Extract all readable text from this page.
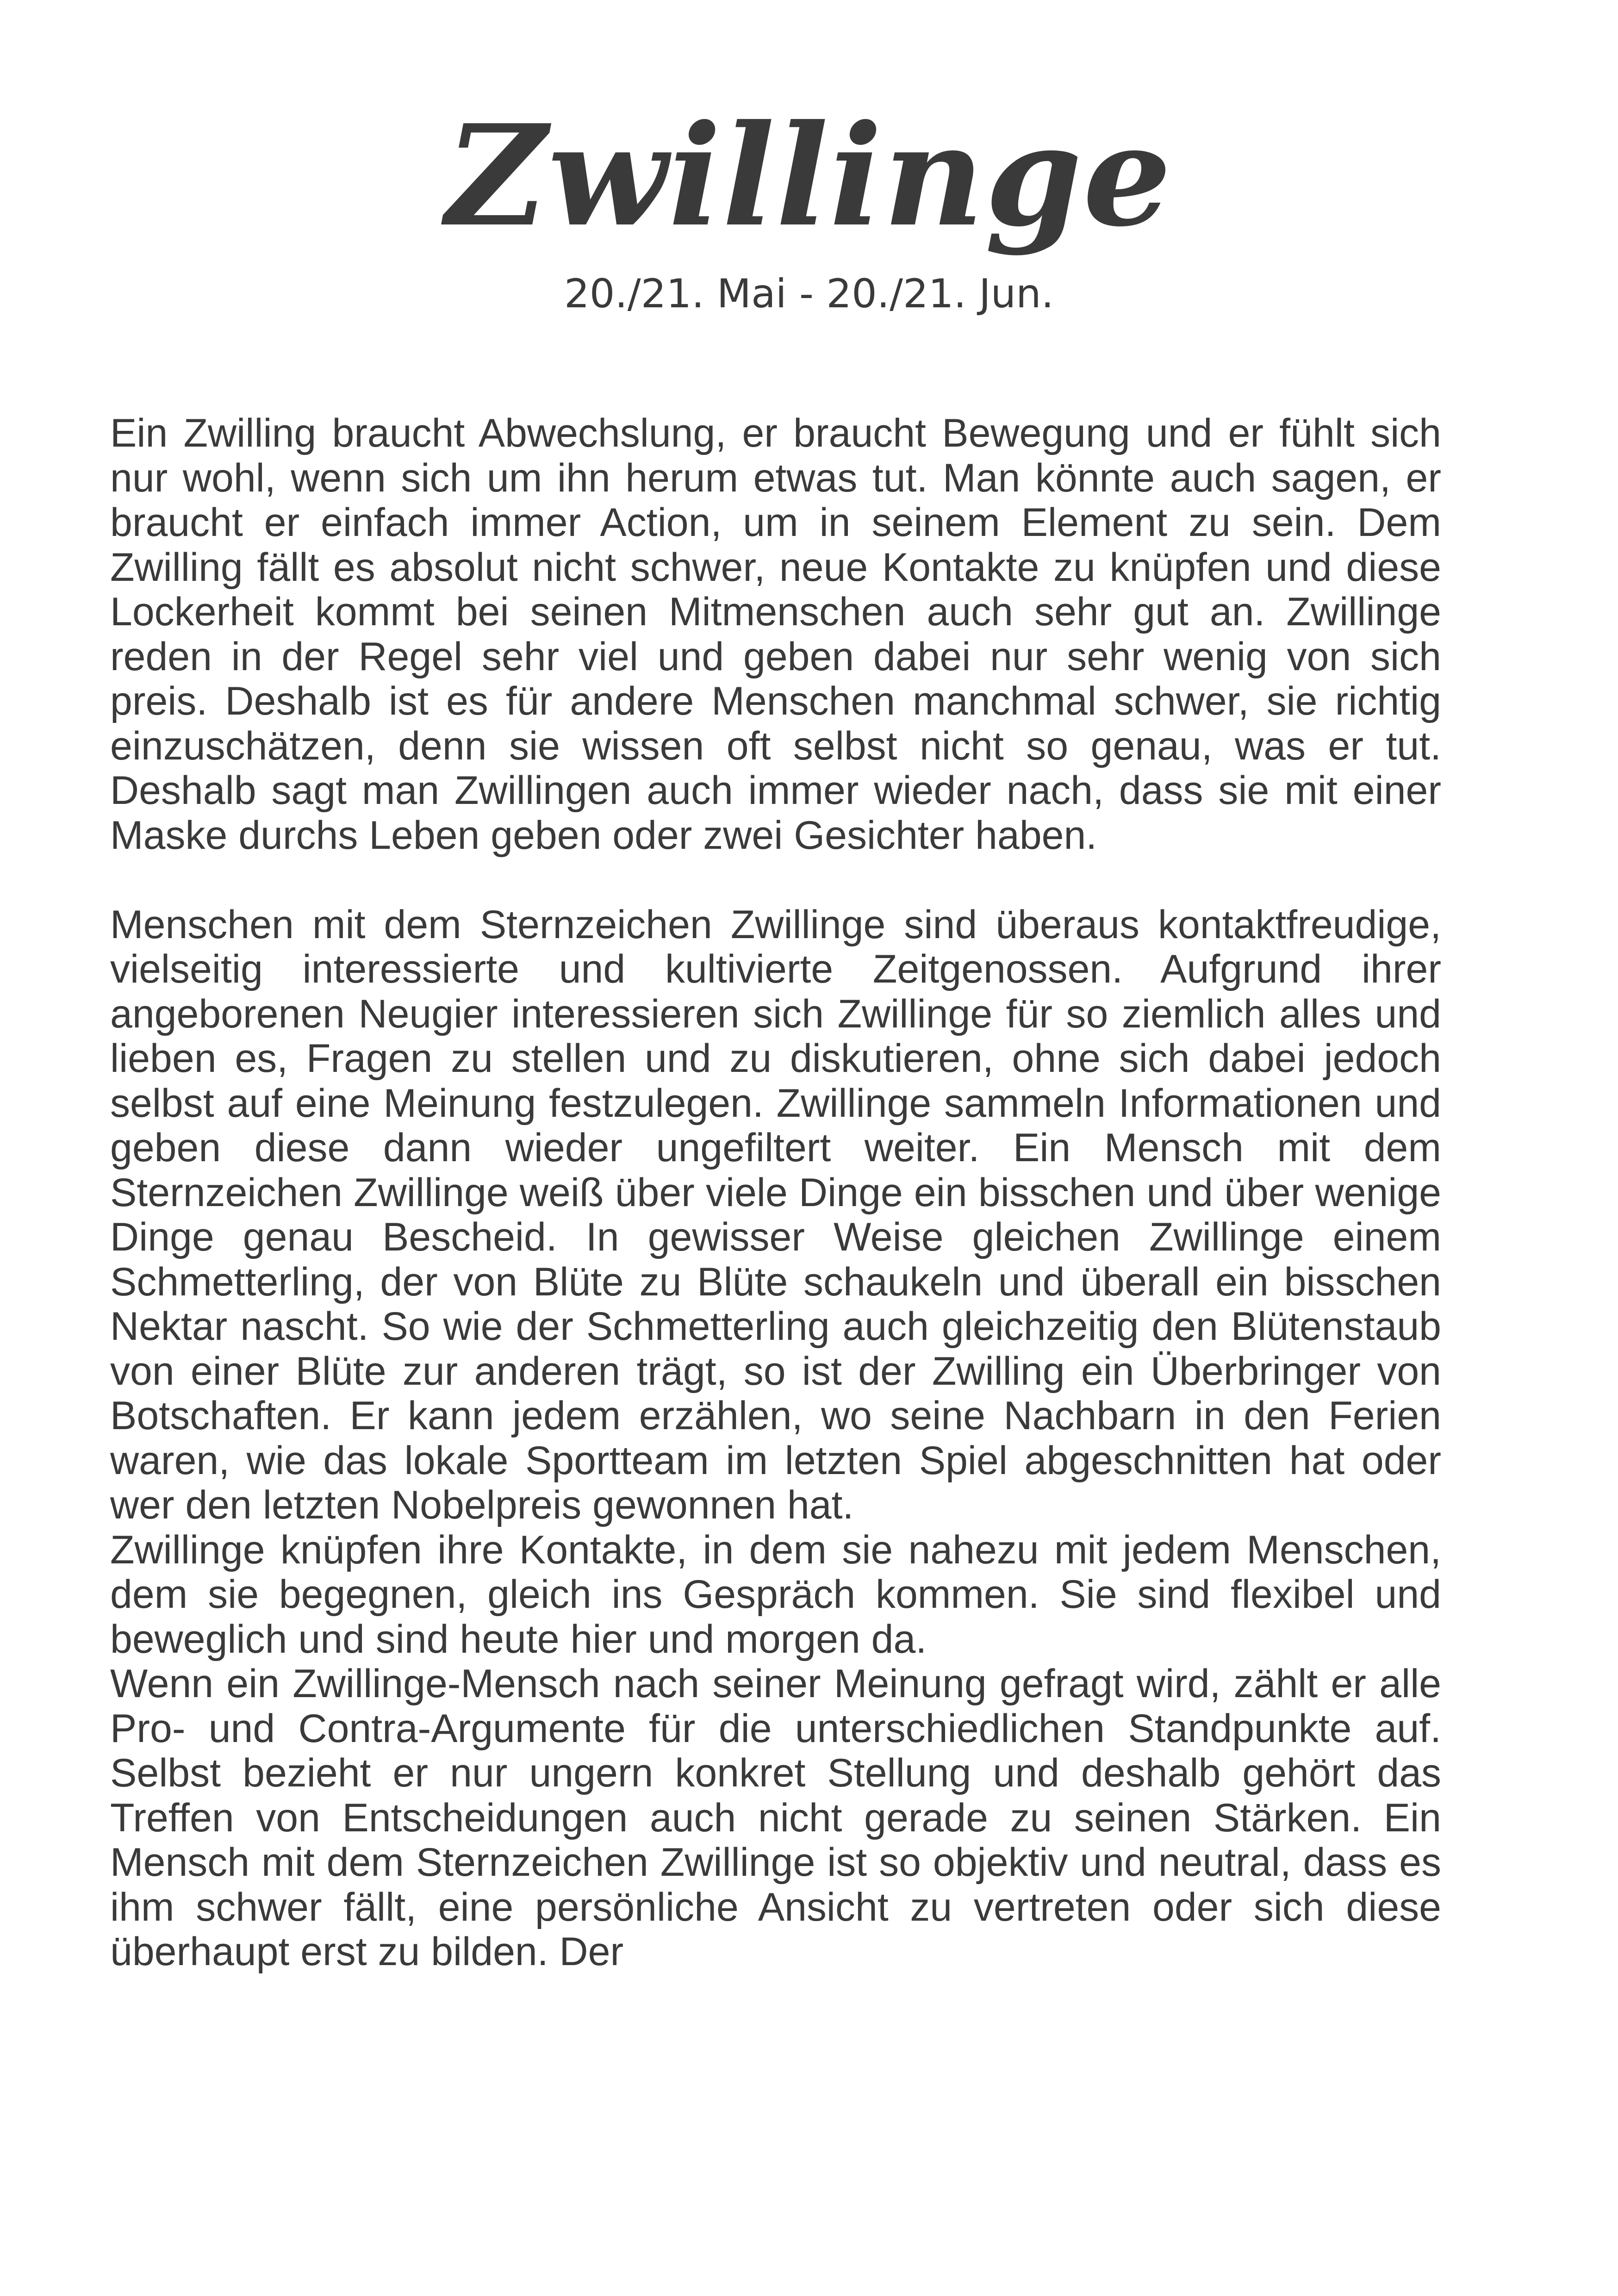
Zwillinge
20./21. Mai - 20./21. Jun.

Ein Zwilling braucht Abwechslung, er braucht Bewegung und er fühlt sich nur wohl, wenn sich um ihn herum etwas tut. Man könnte auch sagen, er braucht er einfach immer Action, um in seinem Element zu sein. Dem Zwilling fällt es absolut nicht schwer, neue Kontakte zu knüpfen und diese Lockerheit kommt bei seinen Mitmenschen auch sehr gut an. Zwillinge reden in der Regel sehr viel und geben dabei nur sehr wenig von sich preis. Deshalb ist es für andere Menschen manchmal schwer, sie richtig einzuschätzen, denn sie wissen oft selbst nicht so genau, was er tut. Deshalb sagt man Zwillingen auch immer wieder nach, dass sie mit einer Maske durchs Leben geben oder zwei Gesichter haben.

Menschen mit dem Sternzeichen Zwillinge sind überaus kontaktfreudige, vielseitig interessierte und kultivierte Zeitgenossen. Aufgrund ihrer angeborenen Neugier interessieren sich Zwillinge für so ziemlich alles und lieben es, Fragen zu stellen und zu diskutieren, ohne sich dabei jedoch selbst auf eine Meinung festzulegen. Zwillinge sammeln Informationen und geben diese dann wieder ungefiltert weiter. Ein Mensch mit dem Sternzeichen Zwillinge weiß über viele Dinge ein bisschen und über wenige Dinge genau Bescheid. In gewisser Weise gleichen Zwillinge einem Schmetterling, der von Blüte zu Blüte schaukeln und überall ein bisschen Nektar nascht. So wie der Schmetterling auch gleichzeitig den Blütenstaub von einer Blüte zur anderen trägt, so ist der Zwilling ein Überbringer von Botschaften. Er kann jedem erzählen, wo seine Nachbarn in den Ferien waren, wie das lokale Sportteam im letzten Spiel abgeschnitten hat oder wer den letzten Nobelpreis gewonnen hat.

Zwillinge knüpfen ihre Kontakte, in dem sie nahezu mit jedem Menschen, dem sie begegnen, gleich ins Gespräch kommen. Sie sind flexibel und beweglich und sind heute hier und morgen da.

Wenn ein Zwillinge-Mensch nach seiner Meinung gefragt wird, zählt er alle Pro- und Contra-Argumente für die unterschiedlichen Standpunkte auf. Selbst bezieht er nur ungern konkret Stellung und deshalb gehört das Treffen von Entscheidungen auch nicht gerade zu seinen Stärken. Ein Mensch mit dem Sternzeichen Zwillinge ist so objektiv und neutral, dass es ihm schwer fällt, eine persönliche Ansicht zu vertreten oder sich diese überhaupt erst zu bilden. Der
